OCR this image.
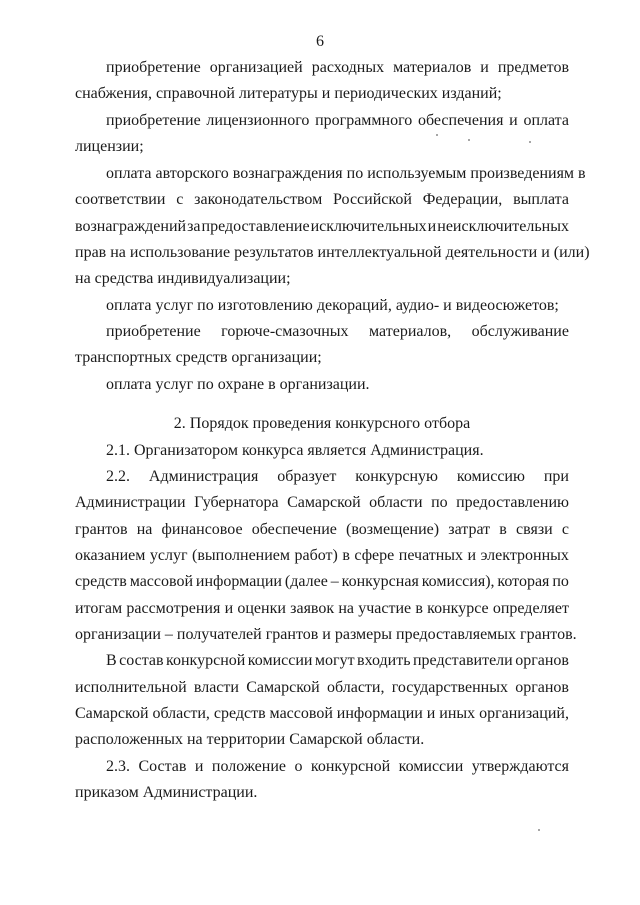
6
приобретение организацией расходных материалов и предметов
снабжения, справочной литературы и периодических изданий;
приобретение лицензионного программного обеспечения и оплата
лицензии;
оплата авторского вознаграждения по используемым произведениям в
соответствии с законодательством Российской Федерации, выплата
вознаграждений за предоставление исключительных и неисключительных
прав на использование результатов интеллектуальной деятельности и (или)
на средства индивидуализации;
оплата услуг по изготовлению декораций, аудио- и видеосюжетов;
приобретение горюче-смазочных материалов, обслуживание
транспортных средств организации;
оплата услуг по охране в организации.
2. Порядок проведения конкурсного отбора
2.1. Организатором конкурса является Администрация.
2.2. Администрация образует конкурсную комиссию при
Администрации Губернатора Самарской области по предоставлению
грантов на финансовое обеспечение (возмещение) затрат в связи с
оказанием услуг (выполнением работ) в сфере печатных и электронных
средств массовой информации (далее – конкурсная комиссия), которая по
итогам рассмотрения и оценки заявок на участие в конкурсе определяет
организации – получателей грантов и размеры предоставляемых грантов.
В состав конкурсной комиссии могут входить представители органов
исполнительной власти Самарской области, государственных органов
Самарской области, средств массовой информации и иных организаций,
расположенных на территории Самарской области.
2.3. Состав и положение о конкурсной комиссии утверждаются
приказом Администрации.
